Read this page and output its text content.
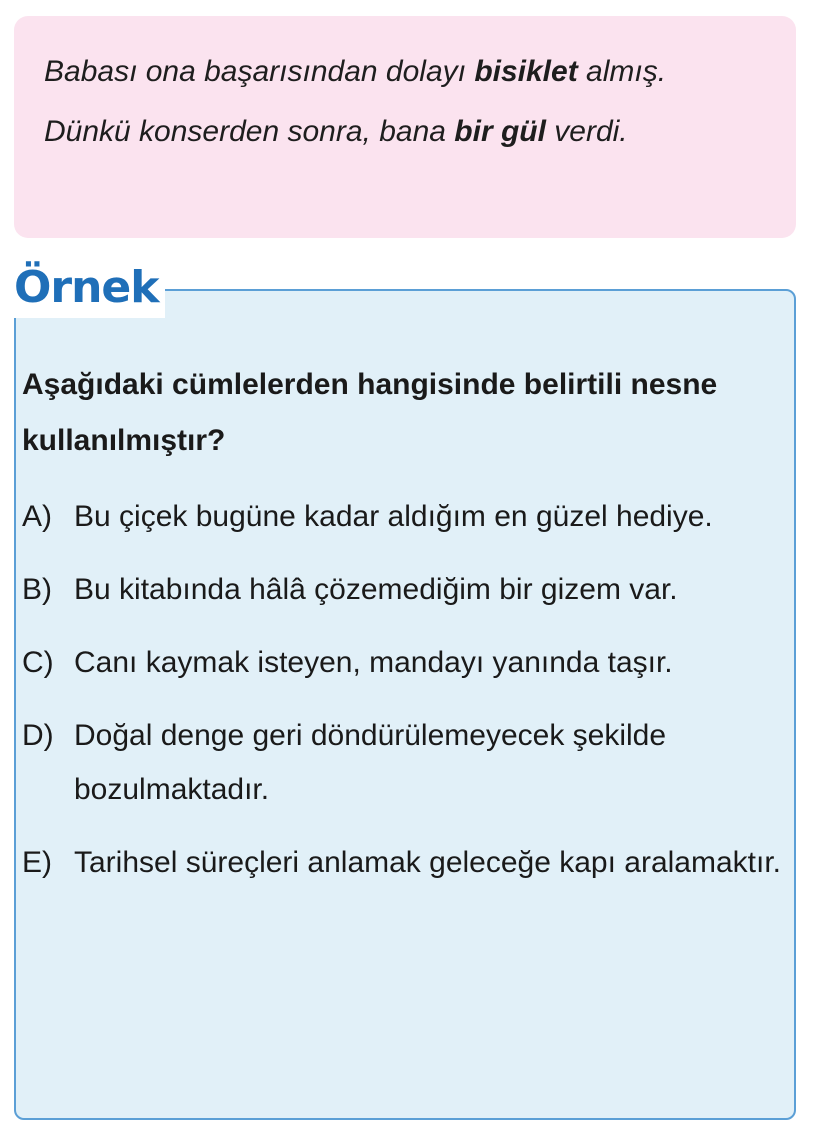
Babası ona başarısından dolayı bisiklet almış.

Dünkü konserden sonra, bana bir gül verdi.

Örnek
Aşağıdaki cümlelerden hangisinde belirtili nesne kullanılmıştır?
A) Bu çiçek bugüne kadar aldığım en güzel hediye.
B) Bu kitabında hâlâ çözemediğim bir gizem var.
C) Canı kaymak isteyen, mandayı yanında taşır.
D) Doğal denge geri döndürülemeyecek şekilde bozulmaktadır.
E) Tarihsel süreçleri anlamak geleceğe kapı aralamaktır.
